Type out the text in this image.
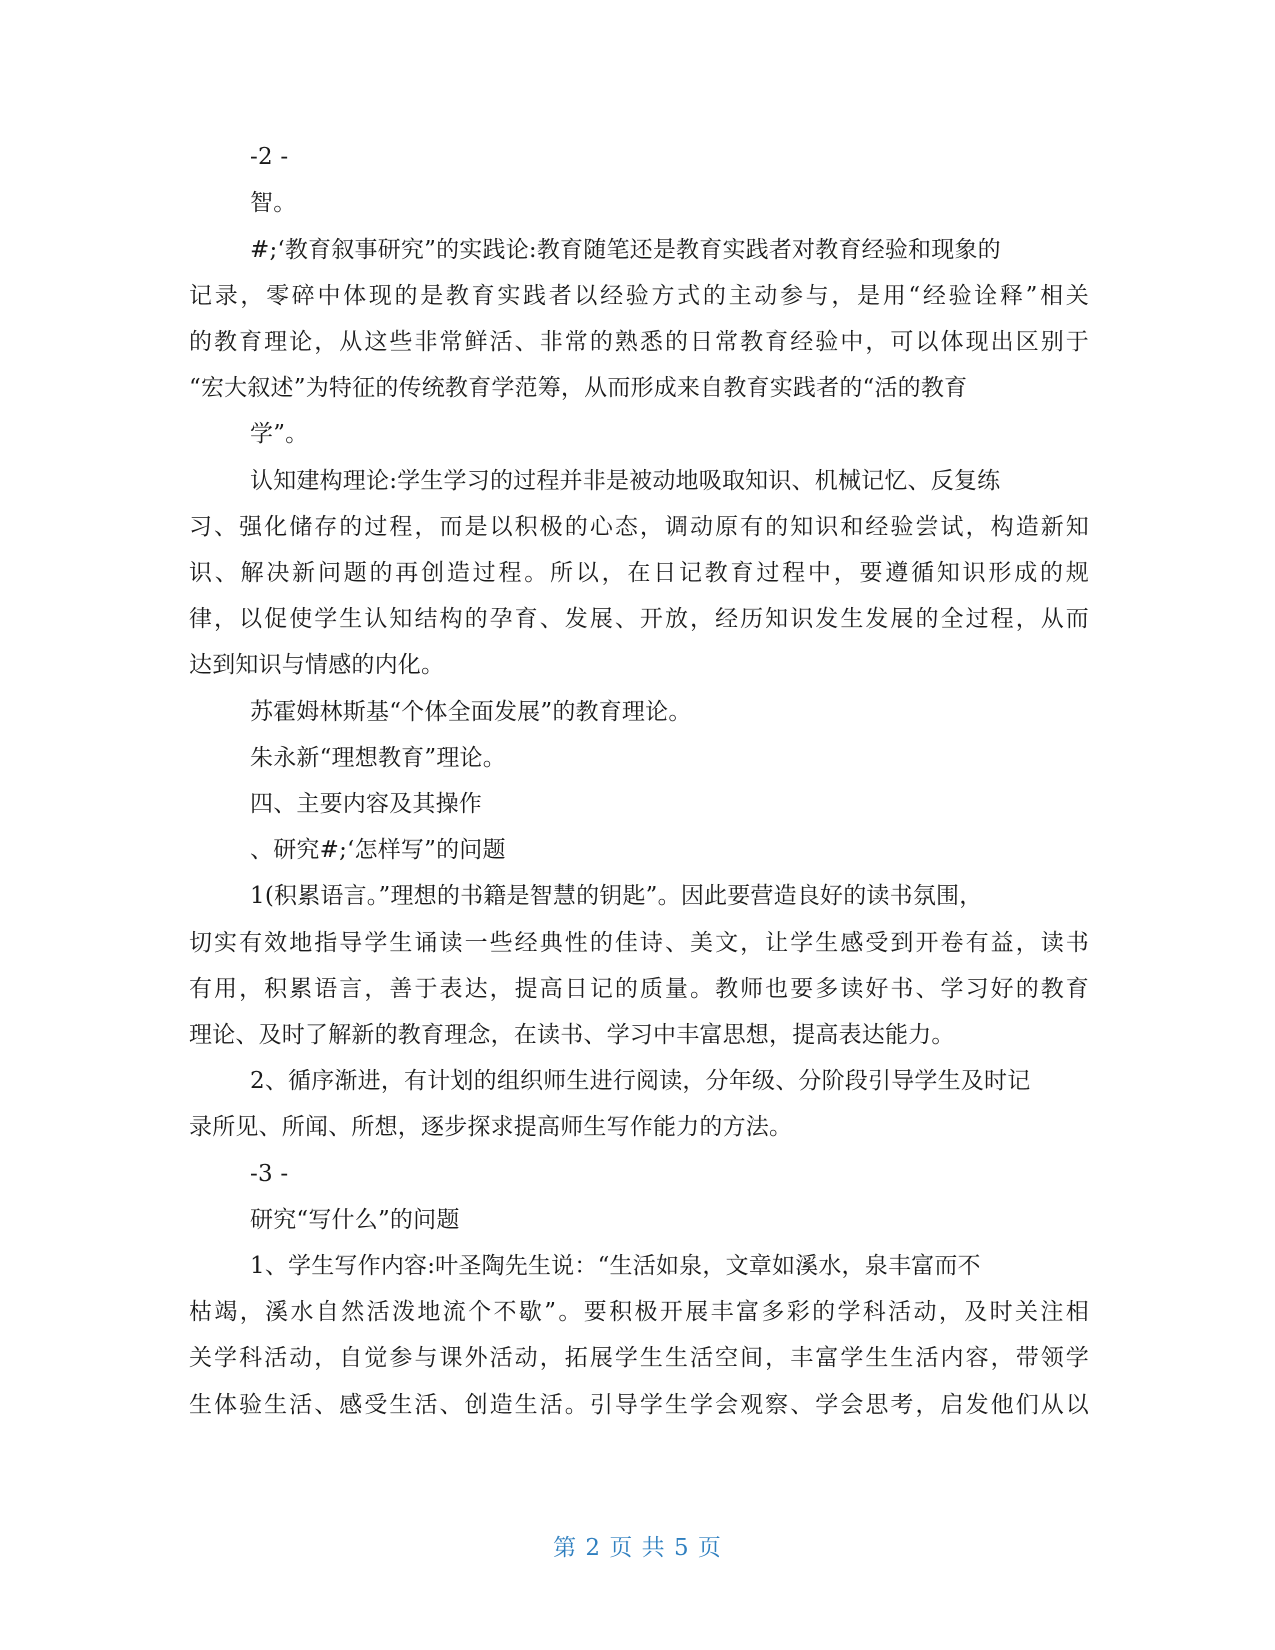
-2 -
智。
#;‘教育叙事研究”的实践论:教育随笔还是教育实践者对教育经验和现象的
记录，零碎中体现的是教育实践者以经验方式的主动参与，是用“经验诠释”相关
的教育理论，从这些非常鲜活、非常的熟悉的日常教育经验中，可以体现出区别于
“宏大叙述”为特征的传统教育学范筹，从而形成来自教育实践者的“活的教育
学”。
认知建构理论:学生学习的过程并非是被动地吸取知识、机械记忆、反复练
习、强化储存的过程，而是以积极的心态，调动原有的知识和经验尝试，构造新知
识、解决新问题的再创造过程。所以，在日记教育过程中，要遵循知识形成的规
律，以促使学生认知结构的孕育、发展、开放，经历知识发生发展的全过程，从而
达到知识与情感的内化。
苏霍姆林斯基“个体全面发展”的教育理论。
朱永新“理想教育”理论。
四、主要内容及其操作
、研究#;‘怎样写”的问题
1(积累语言。”理想的书籍是智慧的钥匙”。因此要营造良好的读书氛围，
切实有效地指导学生诵读一些经典性的佳诗、美文，让学生感受到开卷有益，读书
有用，积累语言，善于表达，提高日记的质量。教师也要多读好书、学习好的教育
理论、及时了解新的教育理念，在读书、学习中丰富思想，提高表达能力。
2、循序渐进，有计划的组织师生进行阅读，分年级、分阶段引导学生及时记
录所见、所闻、所想，逐步探求提高师生写作能力的方法。
-3 -
研究“写什么”的问题
1、学生写作内容:叶圣陶先生说：“生活如泉，文章如溪水，泉丰富而不
枯竭，溪水自然活泼地流个不歇”。要积极开展丰富多彩的学科活动，及时关注相
关学科活动，自觉参与课外活动，拓展学生生活空间，丰富学生生活内容，带领学
生体验生活、感受生活、创造生活。引导学生学会观察、学会思考，启发他们从以
第 2 页 共 5 页
